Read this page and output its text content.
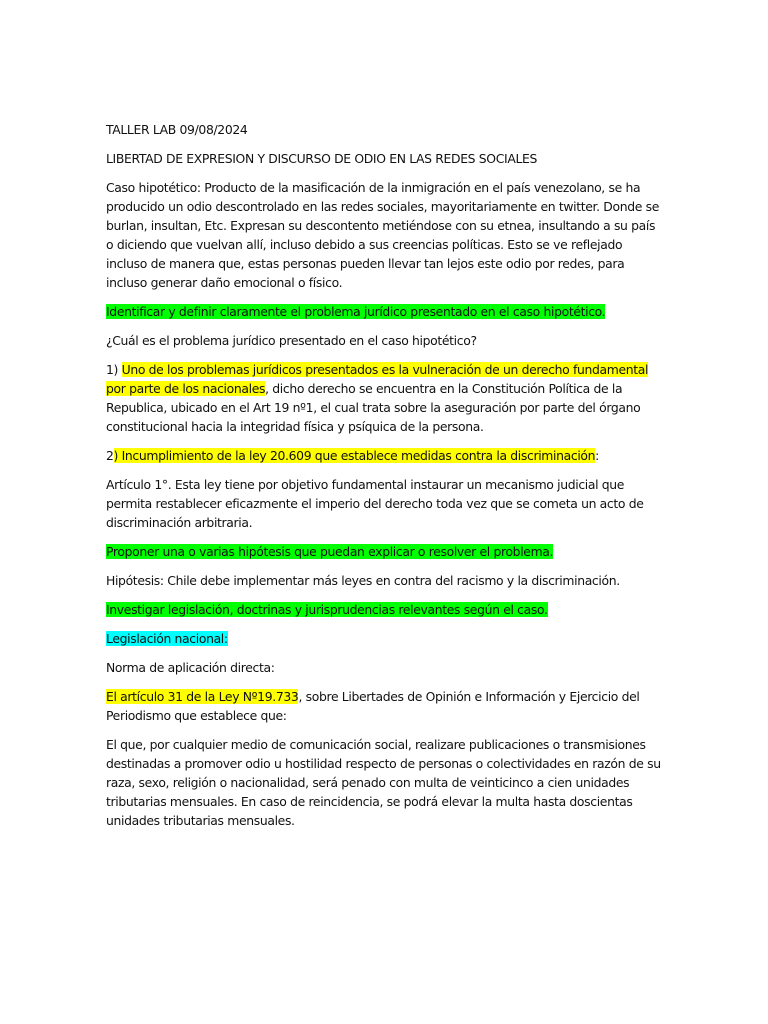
TALLER LAB 09/08/2024

LIBERTAD DE EXPRESION Y DISCURSO DE ODIO EN LAS REDES SOCIALES

Caso hipotético: Producto de la masificación de la inmigración en el país venezolano, se ha producido un odio descontrolado en las redes sociales, mayoritariamente en twitter. Donde se burlan, insultan, Etc. Expresan su descontento metiéndose con su etnea, insultando a su país o diciendo que vuelvan allí, incluso debido a sus creencias políticas. Esto se ve reflejado incluso de manera que, estas personas pueden llevar tan lejos este odio por redes, para incluso generar daño emocional o físico.

Identificar y definir claramente el problema jurídico presentado en el caso hipotético.

¿Cuál es el problema jurídico presentado en el caso hipotético?

1) Uno de los problemas jurídicos presentados es la vulneración de un derecho fundamental por parte de los nacionales, dicho derecho se encuentra en la Constitución Política de la Republica, ubicado en el Art 19 nº1, el cual trata sobre la aseguración por parte del órgano constitucional hacia la integridad física y psíquica de la persona.

2) Incumplimiento de la ley 20.609 que establece medidas contra la discriminación:

Artículo 1°. Esta ley tiene por objetivo fundamental instaurar un mecanismo judicial que permita restablecer eficazmente el imperio del derecho toda vez que se cometa un acto de discriminación arbitraria.

Proponer una o varias hipótesis que puedan explicar o resolver el problema.

Hipótesis: Chile debe implementar más leyes en contra del racismo y la discriminación.

Investigar legislación, doctrinas y jurisprudencias relevantes según el caso.

Legislación nacional:

Norma de aplicación directa:

El artículo 31 de la Ley Nº19.733, sobre Libertades de Opinión e Información y Ejercicio del Periodismo que establece que:

El que, por cualquier medio de comunicación social, realizare publicaciones o transmisiones destinadas a promover odio u hostilidad respecto de personas o colectividades en razón de su raza, sexo, religión o nacionalidad, será penado con multa de veinticinco a cien unidades tributarias mensuales. En caso de reincidencia, se podrá elevar la multa hasta doscientas unidades tributarias mensuales.
